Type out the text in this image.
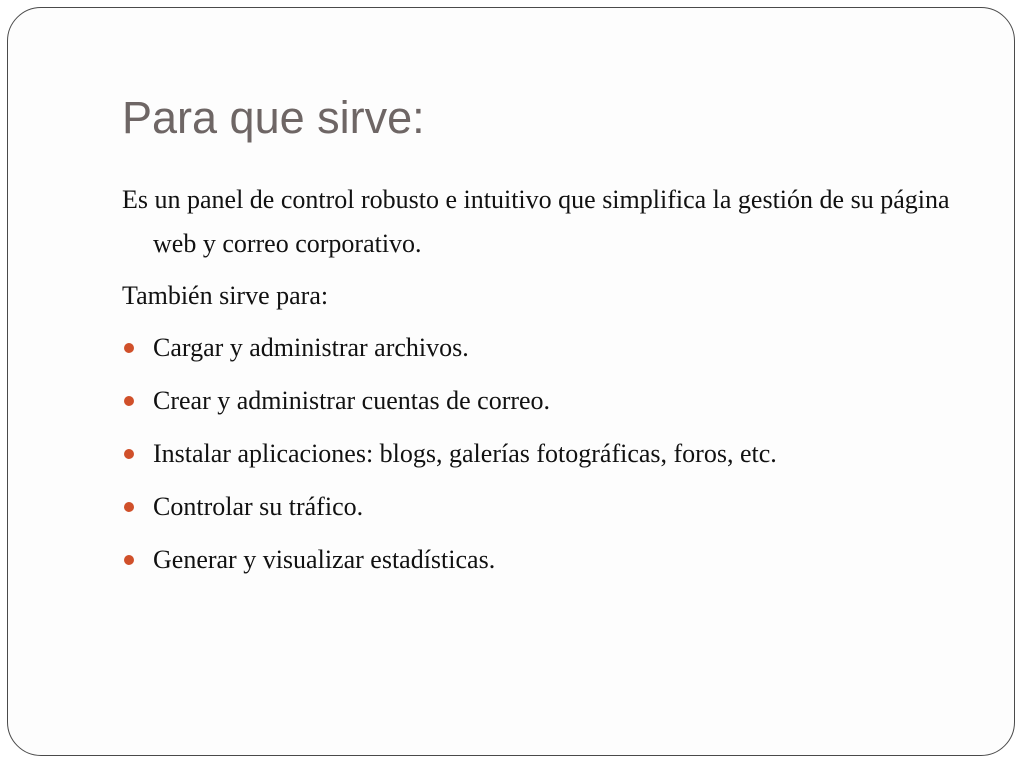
Para que sirve:

Es un panel de control robusto e intuitivo que simplifica la gestión de su página web y correo corporativo.

También sirve para:

Cargar y administrar archivos.
Crear y administrar cuentas de correo.
Instalar aplicaciones: blogs, galerías fotográficas, foros, etc.
Controlar su tráfico.
Generar y visualizar estadísticas.
